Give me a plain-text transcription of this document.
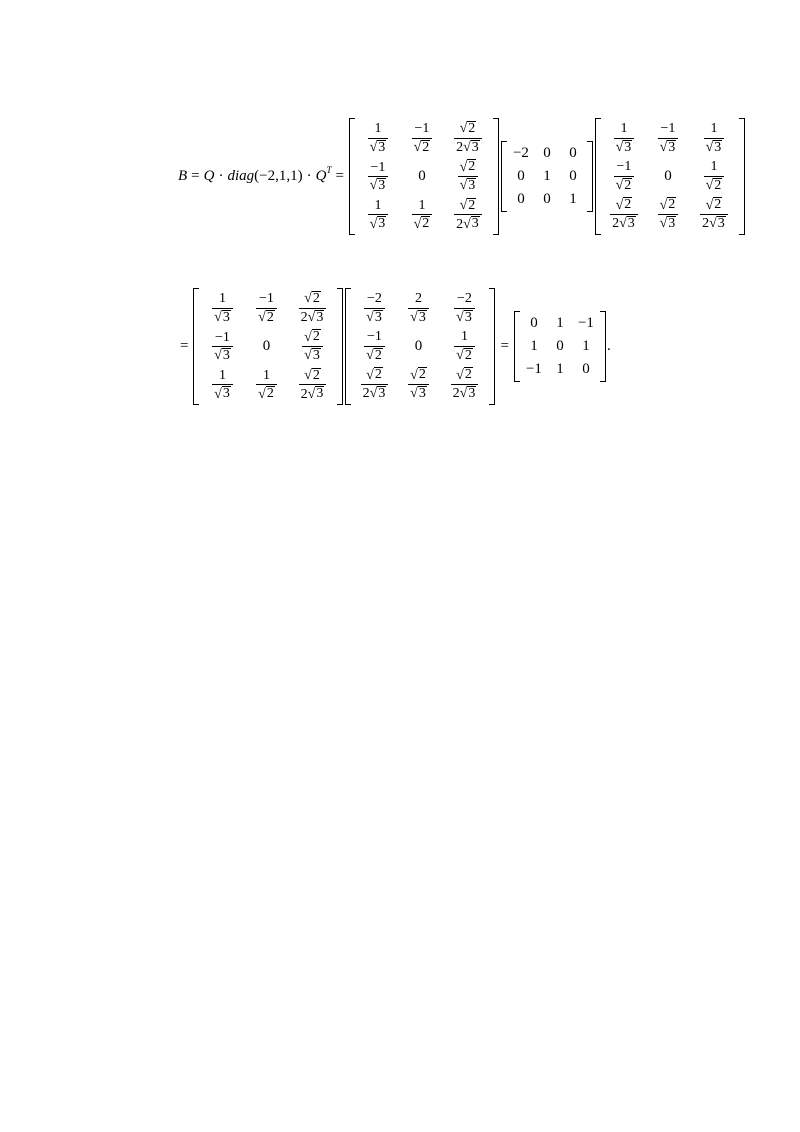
B = Q · diag (−2,1,1) · Q T =
$\frac{1}{√ 3} \frac{-1}{√ 2} \frac{√ 2}{2 √ 3}$
$\frac{-1}{√ 3} 0 \frac{√ 2}{√ 3}$
$\frac{1}{√ 3} \frac{1}{√ 2} \frac{√ 2}{2 √ 3}$
−2 0 0
0 1 0
0 0 1
$\frac{1}{√ 3} \frac{-1}{√ 3} \frac{1}{√ 3}$
$\frac{-1}{√ 2} 0 \frac{1}{√ 2}$
$\frac{√ 2}{2 √ 3} \frac{√ 2}{√ 3} \frac{√ 2}{2 √ 3}$
=
$\frac{1}{√ 3} \frac{-1}{√ 2} \frac{√ 2}{2 √ 3}$
$\frac{-1}{√ 3} 0 \frac{√ 2}{√ 3}$
$\frac{1}{√ 3} \frac{1}{√ 2} \frac{√ 2}{2 √ 3}$
$\frac{-2}{√ 3} \frac{2}{√ 3} \frac{-2}{√ 3}$
$\frac{-1}{√ 2} 0 \frac{1}{√ 2}$
$\frac{√ 2}{2 √ 3} \frac{√ 2}{√ 3} \frac{√ 2}{2 √ 3}$
=
0 1 −1
1 0 1
−1 1 0
.
